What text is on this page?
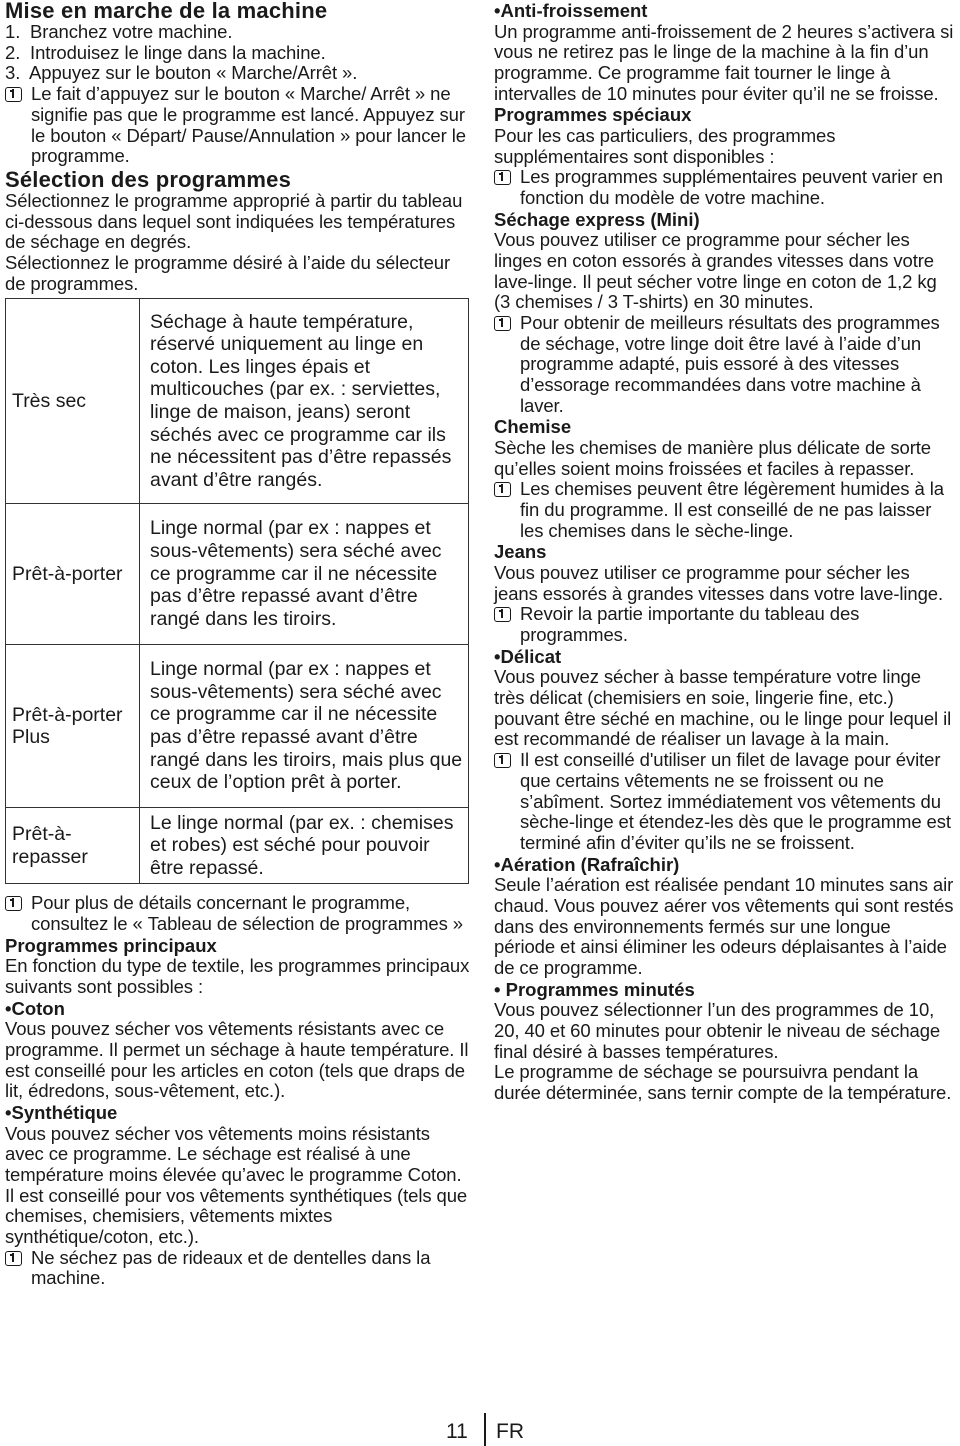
Mise en marche de la machine

1. Branchez votre machine.

2. Introduisez le linge dans la machine.

3. Appuyez sur le bouton « Marche/Arrêt ».

Le fait d’appuyez sur le bouton « Marche/ Arrêt » ne signifie pas que le programme est lancé. Appuyez sur le bouton « Départ/ Pause/Annulation » pour lancer le programme.

Sélection des programmes

Sélectionnez le programme approprié à partir du tableau ci-dessous dans lequel sont indiquées les températures de séchage en degrés.

Sélectionnez le programme désiré à l’aide du sélecteur de programmes.

Très sec	Séchage à haute température, réservé uniquement au linge en coton. Les linges épais et multicouches (par ex. : serviettes, linge de maison, jeans) seront séchés avec ce programme car ils ne nécessitent pas d’être repassés avant d’être rangés.
Prêt-à-porter	Linge normal (par ex : nappes et sous-vêtements) sera séché avec ce programme car il ne nécessite pas d’être repassé avant d’être rangé dans les tiroirs.
Prêt-à-porter Plus	Linge normal (par ex : nappes et sous-vêtements) sera séché avec ce programme car il ne nécessite pas d’être repassé avant d’être rangé dans les tiroirs, mais plus que ceux de l’option prêt à porter.
Prêt-à-repasser	Le linge normal (par ex. : chemises et robes) est séché pour pouvoir être repassé.
Pour plus de détails concernant le programme, consultez le « Tableau de sélection de programmes »

Programmes principaux

En fonction du type de textile, les programmes principaux suivants sont possibles :

•Coton

Vous pouvez sécher vos vêtements résistants avec ce programme. Il permet un séchage à haute température. Il est conseillé pour les articles en coton (tels que draps de lit, édredons, sous-vêtement, etc.).

•Synthétique

Vous pouvez sécher vos vêtements moins résistants avec ce programme. Le séchage est réalisé à une température moins élevée qu’avec le programme Coton. Il est conseillé pour vos vêtements synthétiques (tels que chemises, chemisiers, vêtements mixtes synthétique/coton, etc.).

Ne séchez pas de rideaux et de dentelles dans la machine.

•Anti-froissement

Un programme anti-froissement de 2 heures s’activera si vous ne retirez pas le linge de la machine à la fin d’un programme. Ce programme fait tourner le linge à intervalles de 10 minutes pour éviter qu’il ne se froisse.

Programmes spéciaux

Pour les cas particuliers, des programmes supplémentaires sont disponibles :

Les programmes supplémentaires peuvent varier en fonction du modèle de votre machine.

Séchage express (Mini)

Vous pouvez utiliser ce programme pour sécher les linges en coton essorés à grandes vitesses dans votre lave-linge. Il peut sécher votre linge en coton de 1,2 kg (3 chemises / 3 T-shirts) en 30 minutes.

Pour obtenir de meilleurs résultats des programmes de séchage, votre linge doit être lavé à l’aide d’un programme adapté, puis essoré à des vitesses d’essorage recommandées dans votre machine à laver.

Chemise

Sèche les chemises de manière plus délicate de sorte qu’elles soient moins froissées et faciles à repasser.

Les chemises peuvent être légèrement humides à la fin du programme. Il est conseillé de ne pas laisser les chemises dans le sèche-linge.

Jeans

Vous pouvez utiliser ce programme pour sécher les jeans essorés à grandes vitesses dans votre lave-linge.

Revoir la partie importante du tableau des programmes.

•Délicat

Vous pouvez sécher à basse température votre linge très délicat (chemisiers en soie, lingerie fine, etc.) pouvant être séché en machine, ou le linge pour lequel il est recommandé de réaliser un lavage à la main.

Il est conseillé d'utiliser un filet de lavage pour éviter que certains vêtements ne se froissent ou ne s’abîment. Sortez immédiatement vos vêtements du sèche-linge et étendez-les dès que le programme est terminé afin d’éviter qu’ils ne se froissent.

•Aération (Rafraîchir)

Seule l’aération est réalisée pendant 10 minutes sans air chaud. Vous pouvez aérer vos vêtements qui sont restés dans des environnements fermés sur une longue période et ainsi éliminer les odeurs déplaisantes à l’aide de ce programme.

• Programmes minutés

Vous pouvez sélectionner l’un des programmes de 10, 20, 40 et 60 minutes pour obtenir le niveau de séchage final désiré à basses températures.

Le programme de séchage se poursuivra pendant la durée déterminée, sans ternir compte de la température.

11 FR
